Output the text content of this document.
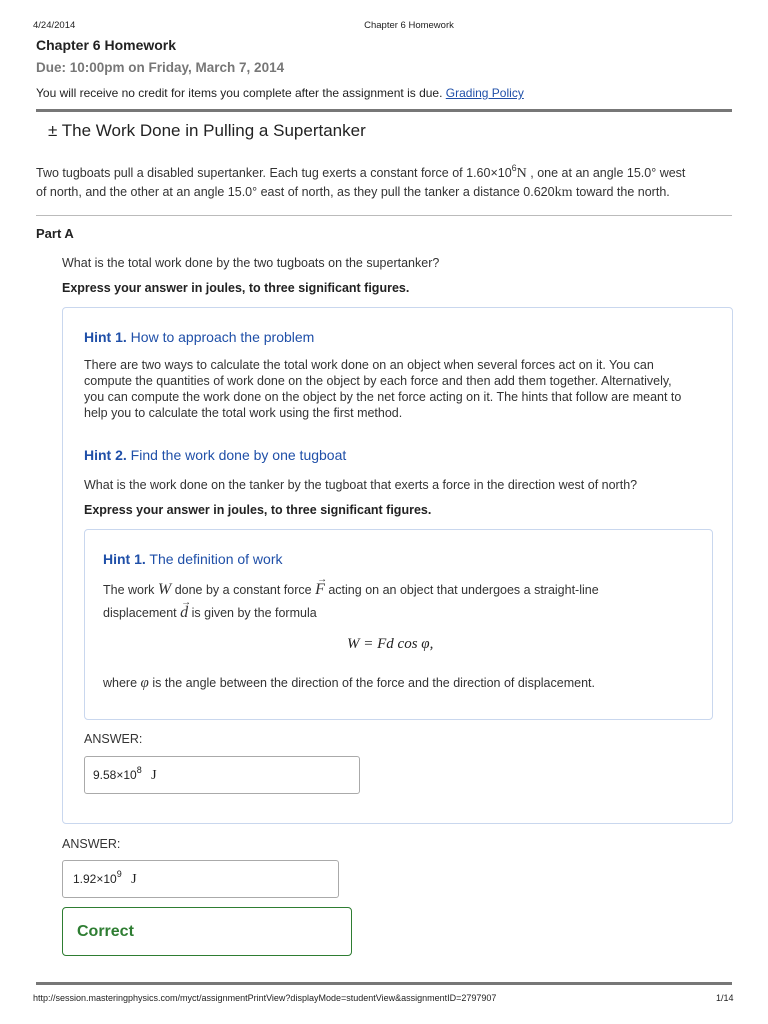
4/24/2014	Chapter 6 Homework
Chapter 6 Homework
Due: 10:00pm on Friday, March 7, 2014
You will receive no credit for items you complete after the assignment is due. Grading Policy
± The Work Done in Pulling a Supertanker
Two tugboats pull a disabled supertanker. Each tug exerts a constant force of $1.60\times 10^6N$ , one at an angle 15.0° west
of north, and the other at an angle 15.0° east of north, as they pull the tanker a distance 0.620km toward the north.
Part A
What is the total work done by the two tugboats on the supertanker?
Express your answer in joules, to three significant figures.
Hint 1. How to approach the problem
There are two ways to calculate the total work done on an object when several forces act on it. You can
compute the quantities of work done on the object by each force and then add them together. Alternatively,
you can compute the work done on the object by the net force acting on it. The hints that follow are meant to
help you to calculate the total work using the first method.
Hint 2. Find the work done by one tugboat
What is the work done on the tanker by the tugboat that exerts a force in the direction west of north?
Express your answer in joules, to three significant figures.
Hint 1. The definition of work
The work W done by a constant force
→
F acting on an object that undergoes a straight-line
displacement
→
d is given by the formula
W = Fd cos φ,
where φ is the angle between the direction of the force and the direction of displacement.
ANSWER:
$9.58\times 10^8$ J
ANSWER:
$1.92\times 10^9$ J
Correct
http://session.masteringphysics.com/myct/assignmentPrintView?displayMode=studentView&assignmentID=2797907	1/14
